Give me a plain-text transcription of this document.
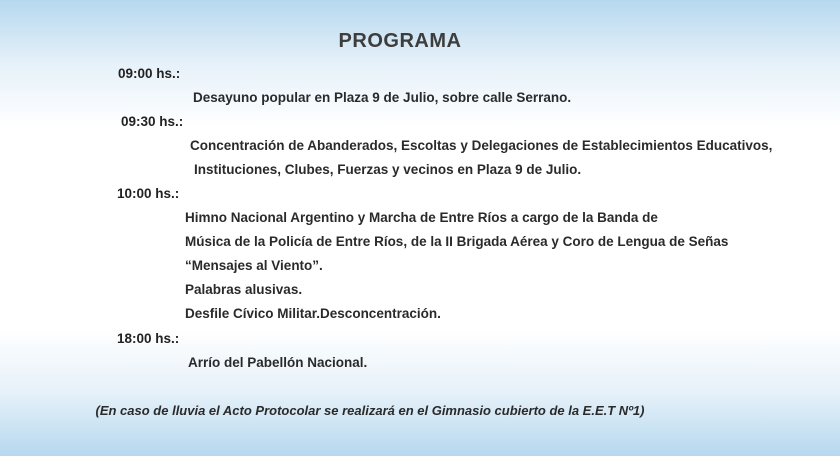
PROGRAMA
09:00 hs.:
Desayuno popular en Plaza 9 de Julio, sobre calle Serrano.
09:30 hs.:
Concentración de Abanderados, Escoltas y Delegaciones de Establecimientos Educativos,
Instituciones, Clubes, Fuerzas y vecinos en Plaza 9 de Julio.
10:00 hs.:
Himno Nacional Argentino y Marcha de Entre Ríos a cargo de la Banda de
Música de la Policía de Entre Ríos, de la II Brigada Aérea y Coro de Lengua de Señas
“Mensajes al Viento”.
Palabras alusivas.
Desfile Cívico Militar.Desconcentración.
18:00 hs.:
Arrío del Pabellón Nacional.
(En caso de lluvia el Acto Protocolar se realizará en el Gimnasio cubierto de la E.E.T Nº1)
